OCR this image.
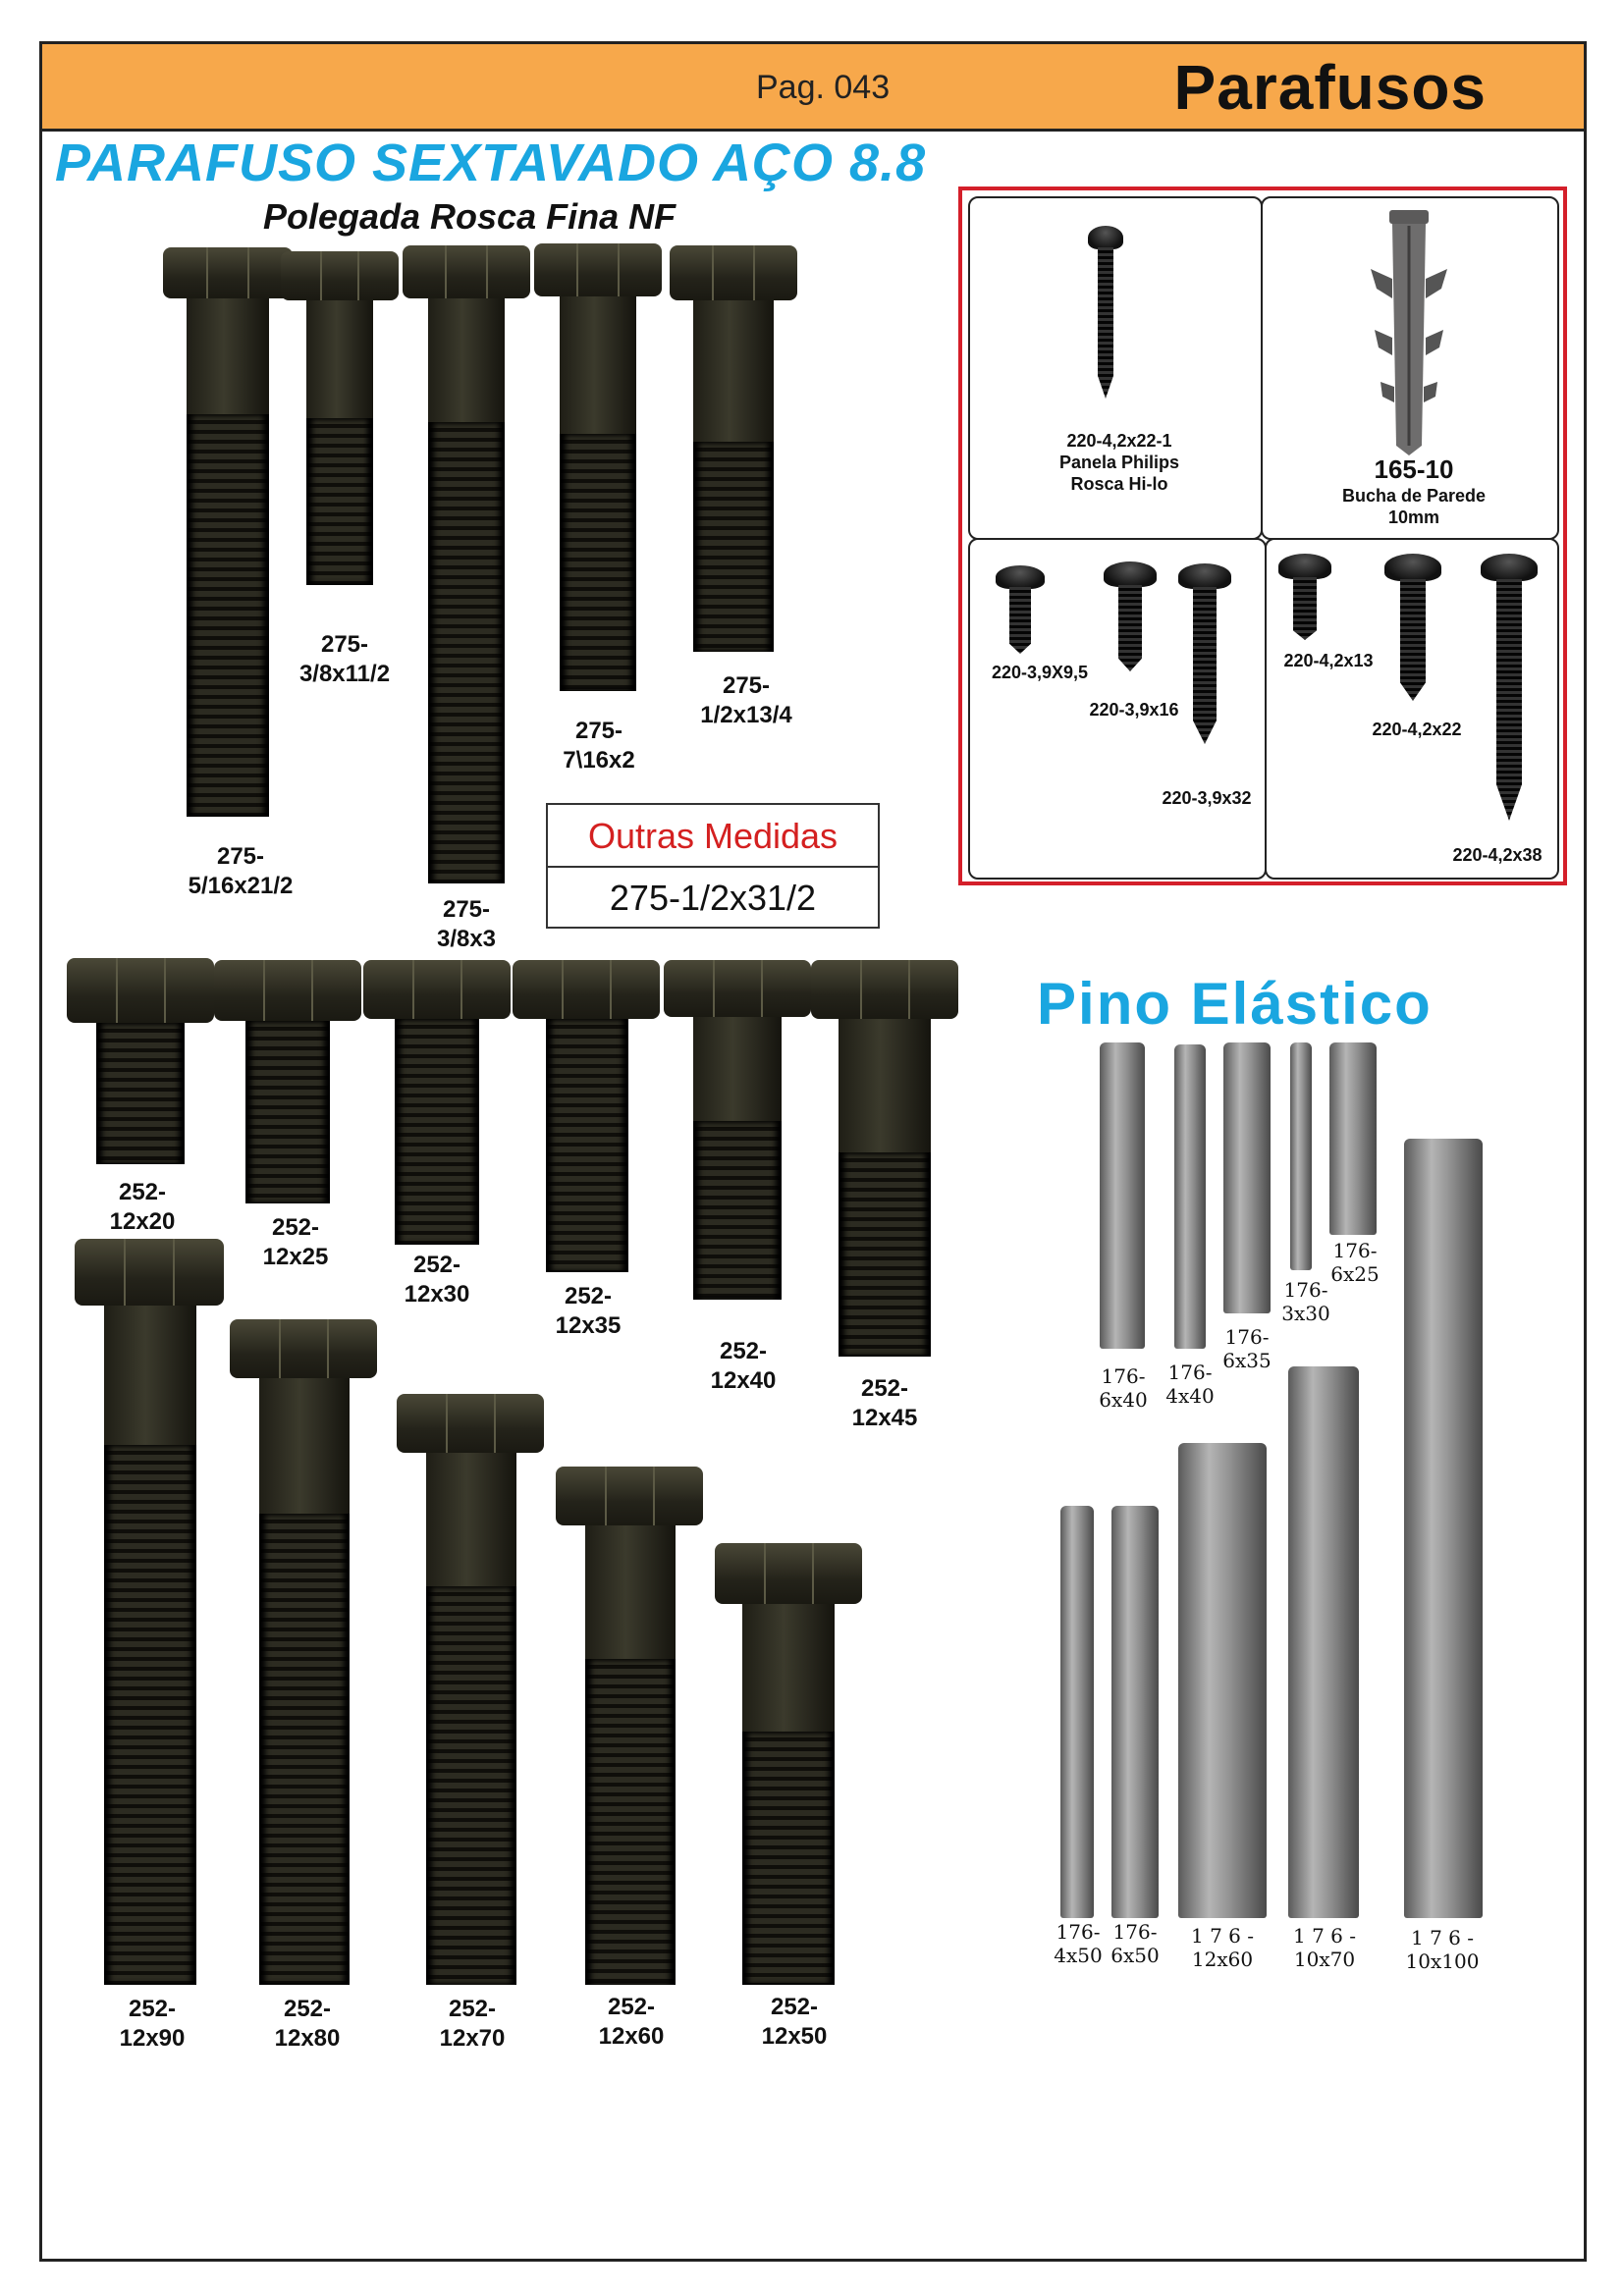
Pag. 043	Parafusos
PARAFUSO SEXTAVADO AÇO 8.8
Polegada Rosca Fina NF
275-
5/16x21/2
275-
3/8x11/2
275-
3/8x3
275-
7\16x2
275-
1/2x13/4
Outras Medidas
275-1/2x31/2
252-
12x20	252-
12x25	252-
12x30	252-
12x35
252-
12x40	252-
12x45
252-
12x90
252-
12x80
252-
12x70
252-
12x60
252-
12x50
220-4,2x22-1
Panela Philips
Rosca Hi-lo	165-10
Bucha de Parede
10mm
220-3,9X9,5
220-3,9x16
220-3,9x32
220-4,2x13
220-4,2x22
220-4,2x38
Pino Elástico
176-
6x40
176-
4x40
176-
6x35
176-
3x30
176-
6x25
176-
4x50
176-
6x50
1 7 6 -
12x60
1 7 6 -
10x70
1 7 6 -
10x100
